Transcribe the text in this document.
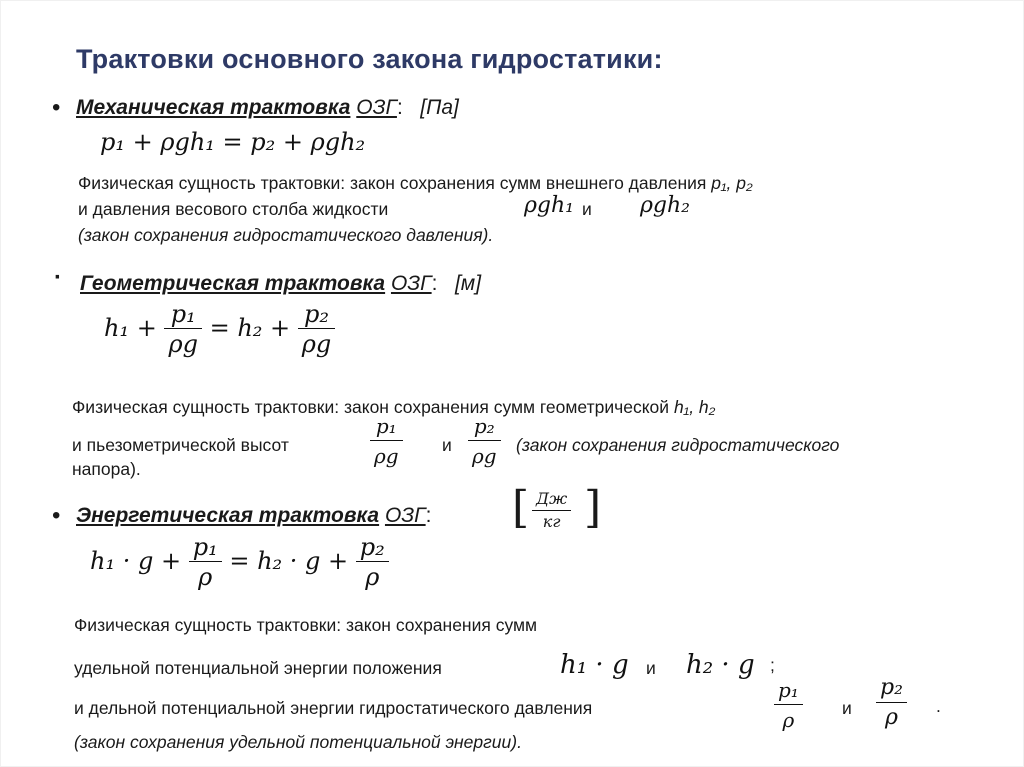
Трактовки основного закона гидростатики:
• Механическая трактовка ОЗГ: [Па]
p₁ + ρgh₁ = p₂ + ρgh₂
Физическая сущность трактовки: закон сохранения сумм внешнего давления p₁, p₂
и давления весового столба жидкости	ρgh₁ и ρgh₂
(закон сохранения гидростатического давления).
· Геометрическая трактовка ОЗГ: [м]
$h_1 + \frac{\text{p₁}}{\rho g} = h_2 + \frac{\text{p₂}}{\rho g}$
Физическая сущность трактовки: закон сохранения сумм геометрической h₁, h₂
и пьезометрической высот	$\frac{\text{p₁}}{\rho g}$ и $\frac{\text{p₂}}{\rho g}$ (закон сохранения гидростатического
напора).
• Энергетическая трактовка ОЗГ: [ Дж
кг ]
$h_1 \cdot g + \frac{\text{p₁}}{\rho} = h_2 \cdot g + \frac{\text{p₂}}{\rho}$
Физическая сущность трактовки: закон сохранения сумм
удельной потенциальной энергии положения	h₁ · g и h₂ · g ;
и дельной потенциальной энергии гидростатического давления	$\frac{\text{p₁}}{\rho}$ и $\frac{\text{p₂}}{\rho}$ .
(закон сохранения удельной потенциальной энергии).
